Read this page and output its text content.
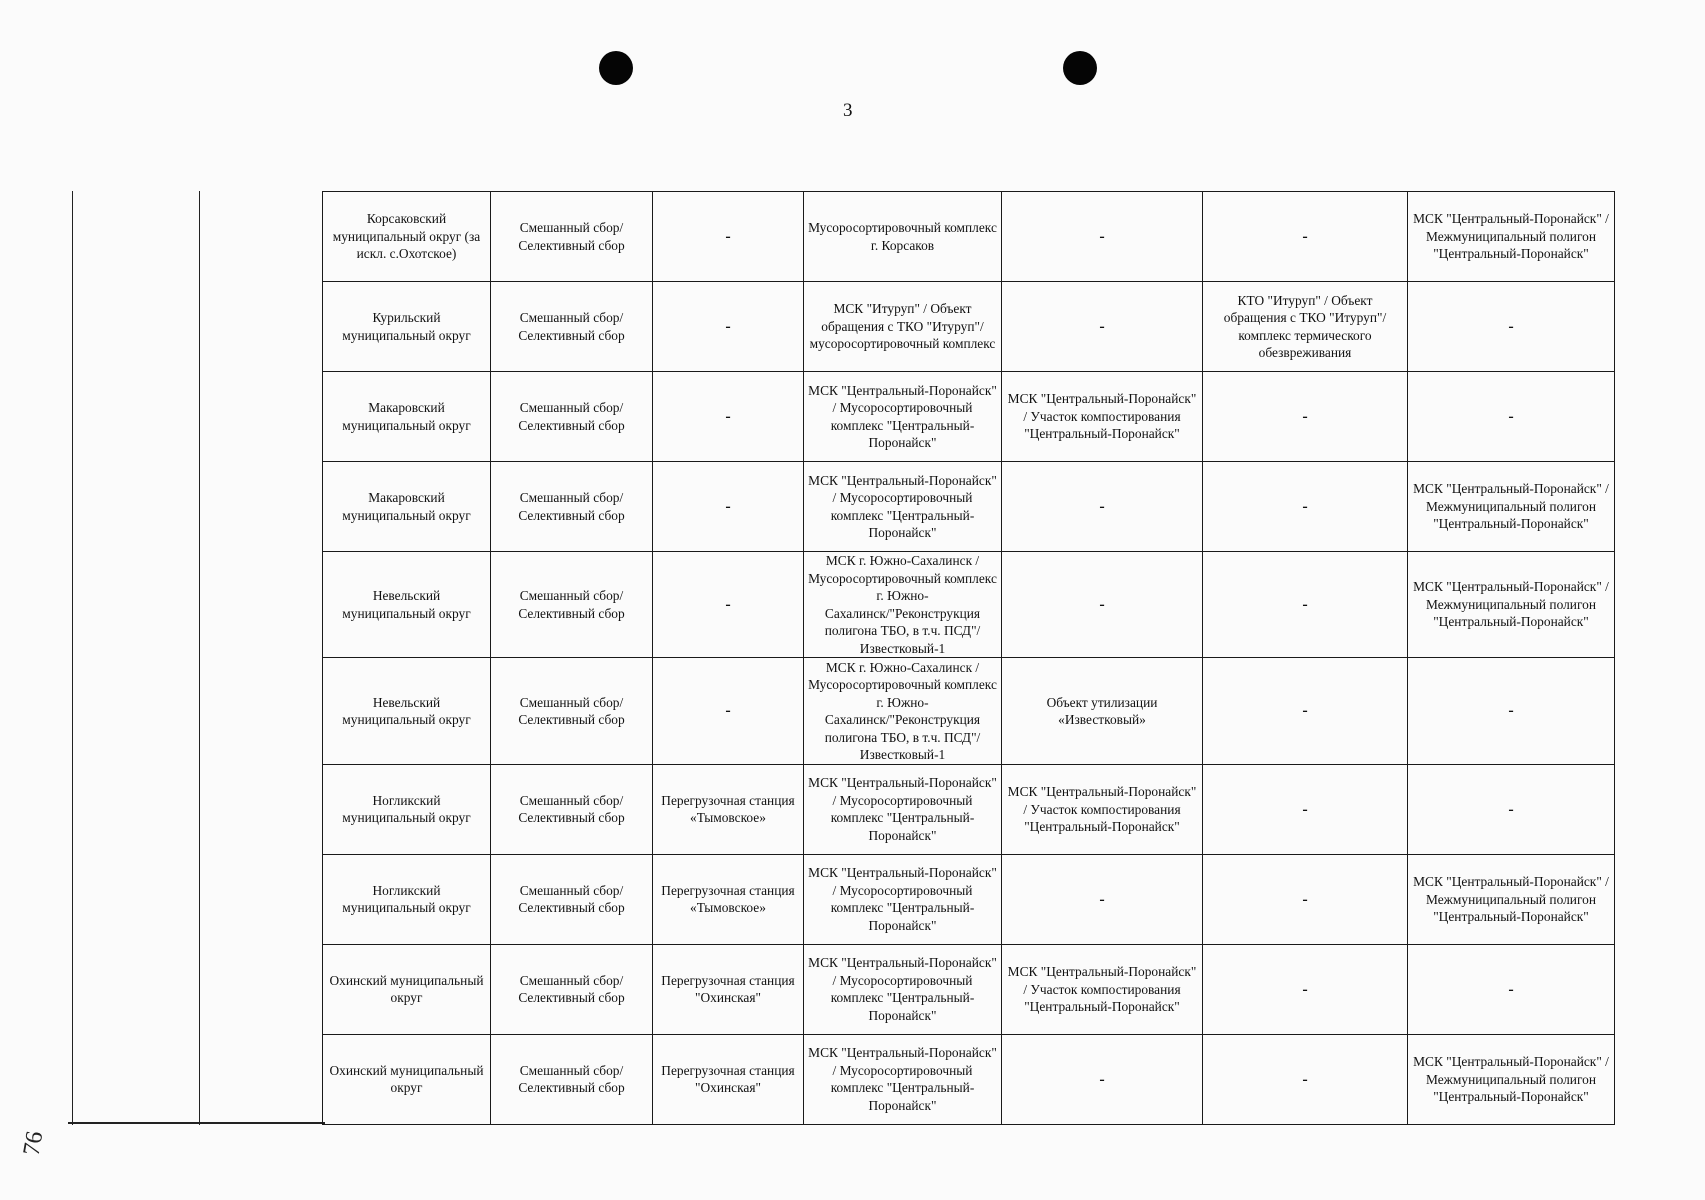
3
Корсаковский муниципальный округ (за искл. с.Охотское)	Смешанный сбор/ Селективный сбор	-	Мусоросортировочный комплекс г. Корсаков	-	-	МСК "Центральный-Поронайск" / Межмуниципальный полигон "Центральный-Поронайск"
Курильский муниципальный округ	Смешанный сбор/ Селективный сбор	-	МСК "Итуруп" / Объект обращения с ТКО "Итуруп"/мусоросортировочный комплекс	-	КТО "Итуруп" / Объект обращения с ТКО "Итуруп"/комплекс термического обезвреживания	-
Макаровский муниципальный округ	Смешанный сбор/ Селективный сбор	-	МСК "Центральный-Поронайск" / Мусоросортировочный комплекс "Центральный-Поронайск"	МСК "Центральный-Поронайск" / Участок компостирования "Центральный-Поронайск"	-	-
Макаровский муниципальный округ	Смешанный сбор/ Селективный сбор	-	МСК "Центральный-Поронайск" / Мусоросортировочный комплекс "Центральный-Поронайск"	-	-	МСК "Центральный-Поронайск" / Межмуниципальный полигон "Центральный-Поронайск"
Невельский муниципальный округ	Смешанный сбор/ Селективный сбор	-	МСК г. Южно-Сахалинск / Мусоросортировочный комплекс г. Южно-Сахалинск/"Реконструкция полигона ТБО, в т.ч. ПСД"/Известковый-1	-	-	МСК "Центральный-Поронайск" / Межмуниципальный полигон "Центральный-Поронайск"
Невельский муниципальный округ	Смешанный сбор/ Селективный сбор	-	МСК г. Южно-Сахалинск / Мусоросортировочный комплекс г. Южно-Сахалинск/"Реконструкция полигона ТБО, в т.ч. ПСД"/Известковый-1	Объект утилизации «Известковый»	-	-
Ногликский муниципальный округ	Смешанный сбор/ Селективный сбор	Перегрузочная станция «Тымовское»	МСК "Центральный-Поронайск" / Мусоросортировочный комплекс "Центральный-Поронайск"	МСК "Центральный-Поронайск" / Участок компостирования "Центральный-Поронайск"	-	-
Ногликский муниципальный округ	Смешанный сбор/ Селективный сбор	Перегрузочная станция «Тымовское»	МСК "Центральный-Поронайск" / Мусоросортировочный комплекс "Центральный-Поронайск"	-	-	МСК "Центральный-Поронайск" / Межмуниципальный полигон "Центральный-Поронайск"
Охинский муниципальный округ	Смешанный сбор/ Селективный сбор	Перегрузочная станция "Охинская"	МСК "Центральный-Поронайск" / Мусоросортировочный комплекс "Центральный-Поронайск"	МСК "Центральный-Поронайск" / Участок компостирования "Центральный-Поронайск"	-	-
Охинский муниципальный округ	Смешанный сбор/ Селективный сбор	Перегрузочная станция "Охинская"	МСК "Центральный-Поронайск" / Мусоросортировочный комплекс "Центральный-Поронайск"	-	-	МСК "Центральный-Поронайск" / Межмуниципальный полигон "Центральный-Поронайск"
76
